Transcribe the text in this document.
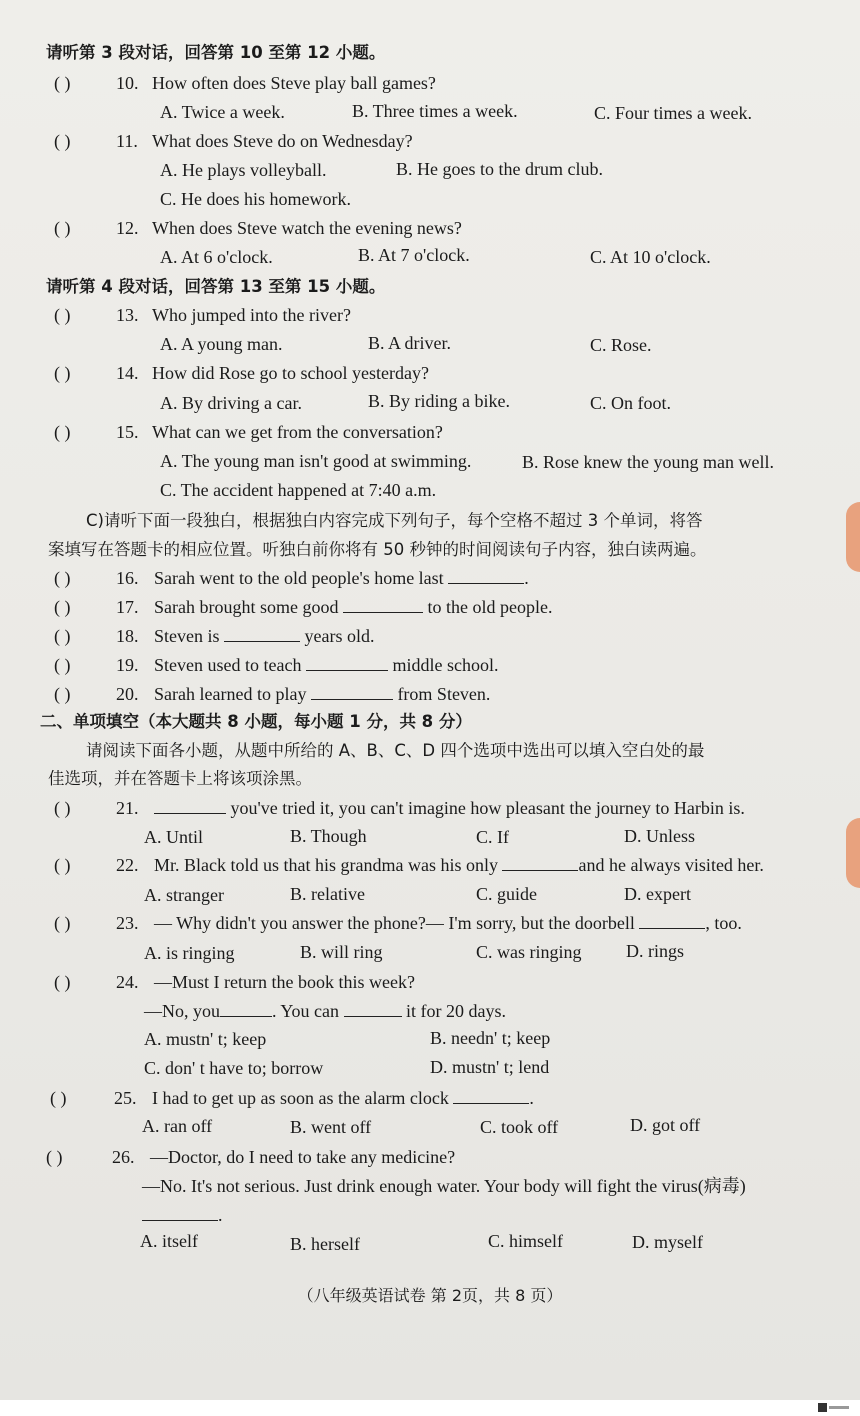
请听第 3 段对话，回答第 10 至第 12 小题。
( )	10. How often does Steve play ball games?
A. Twice a week.	B. Three times a week.	C. Four times a week.
( )	11. What does Steve do on Wednesday?
A. He plays volleyball.	B. He goes to the drum club.
C. He does his homework.
( )	12. When does Steve watch the evening news?
A. At 6 o'clock.	B. At 7 o'clock.	C. At 10 o'clock.
请听第 4 段对话，回答第 13 至第 15 小题。
( )	13. Who jumped into the river?
A. A young man.	B. A driver.	C. Rose.
( )	14. How did Rose go to school yesterday?
A. By driving a car.	B. By riding a bike.	C. On foot.
( )	15. What can we get from the conversation?
A. The young man isn't good at swimming.	B. Rose knew the young man well.
C. The accident happened at 7:40 a.m.
C)请听下面一段独白，根据独白内容完成下列句子，每个空格不超过 3 个单词，将答
案填写在答题卡的相应位置。听独白前你将有 50 秒钟的时间阅读句子内容，独白读两遍。
( )	16. Sarah went to the old people's home last	.
( )	17. Sarah brought some good	to the old people.
( )	18. Steven is	years old.
( )	19. Steven used to teach	middle school.
( )	20. Sarah learned to play	from Steven.
二、单项填空（本大题共 8 小题，每小题 1 分，共 8 分）
请阅读下面各小题，从题中所给的 A、B、C、D 四个选项中选出可以填入空白处的最
佳选项，并在答题卡上将该项涂黑。
( )	21.	you've tried it, you can't imagine how pleasant the journey to Harbin is.
A. Until	B. Though	C. If	D. Unless
( )	22. Mr. Black told us that his grandma was his only	and he always visited her.
A. stranger	B. relative	C. guide	D. expert
( )	23. — Why didn't you answer the phone?— I'm sorry, but the doorbell	, too.
A. is ringing	B. will ring	C. was ringing D. rings
( )	24. —Must I return the book this week?
—No, you	. You can	it for 20 days.
A. mustn' t; keep	B. needn' t; keep
C. don' t have to; borrow	D. mustn' t; lend
( )	25. I had to get up as soon as the alarm clock	.
A. ran off	B. went off	C. took off	D. got off
( )	26. —Doctor, do I need to take any medicine?
—No. It's not serious. Just drink enough water. Your body will fight the virus(病毒)
.
A. itself	B. herself	C. himself	D. myself
（八年级英语试卷 第 2页，共 8 页）
